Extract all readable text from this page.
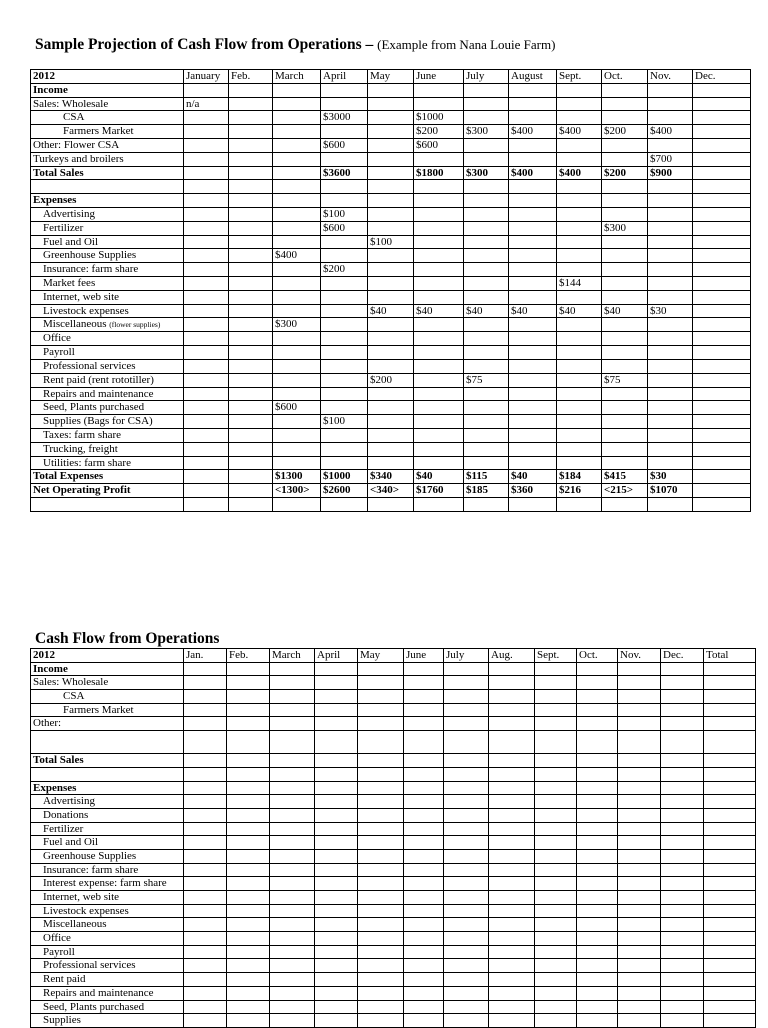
Sample Projection of Cash Flow from Operations – (Example from Nana Louie Farm)
2012	January	Feb.	March	April	May	June	July	August	Sept.	Oct.	Nov.	Dec.
Income												
Sales: Wholesale	n/a											
CSA				$3000		$1000						
Farmers Market						$200	$300	$400	$400	$200	$400	
Other: Flower CSA				$600		$600						
Turkeys and broilers											$700	
Total Sales				$3600		$1800	$300	$400	$400	$200	$900	

Expenses												
Advertising				$100								
Fertilizer				$600						$300		
Fuel and Oil					$100							
Greenhouse Supplies			$400									
Insurance: farm share				$200								
Market fees									$144			
Internet, web site												
Livestock expenses					$40	$40	$40	$40	$40	$40	$30	
Miscellaneous (flower supplies)			$300									
Office												
Payroll												
Professional services												
Rent paid (rent rototiller)					$200		$75			$75		
Repairs and maintenance												
Seed, Plants purchased			$600									
Supplies (Bags for CSA)				$100								
Taxes: farm share												
Trucking, freight												
Utilities: farm share												
Total Expenses			$1300	$1000	$340	$40	$115	$40	$184	$415	$30	
Net Operating Profit			<1300>	$2600	<340>	$1760	$185	$360	$216	<215>	$1070	

Cash Flow from Operations
2012	Jan.	Feb.	March	April	May	June	July	Aug.	Sept.	Oct.	Nov.	Dec.	Total
Income													
Sales: Wholesale													
CSA													
Farmers Market													
Other:													

Total Sales													

Expenses													
Advertising													
Donations													
Fertilizer													
Fuel and Oil													
Greenhouse Supplies													
Insurance: farm share													
Interest expense: farm share													
Internet, web site													
Livestock expenses													
Miscellaneous													
Office													
Payroll													
Professional services													
Rent paid													
Repairs and maintenance													
Seed, Plants purchased													
Supplies													
